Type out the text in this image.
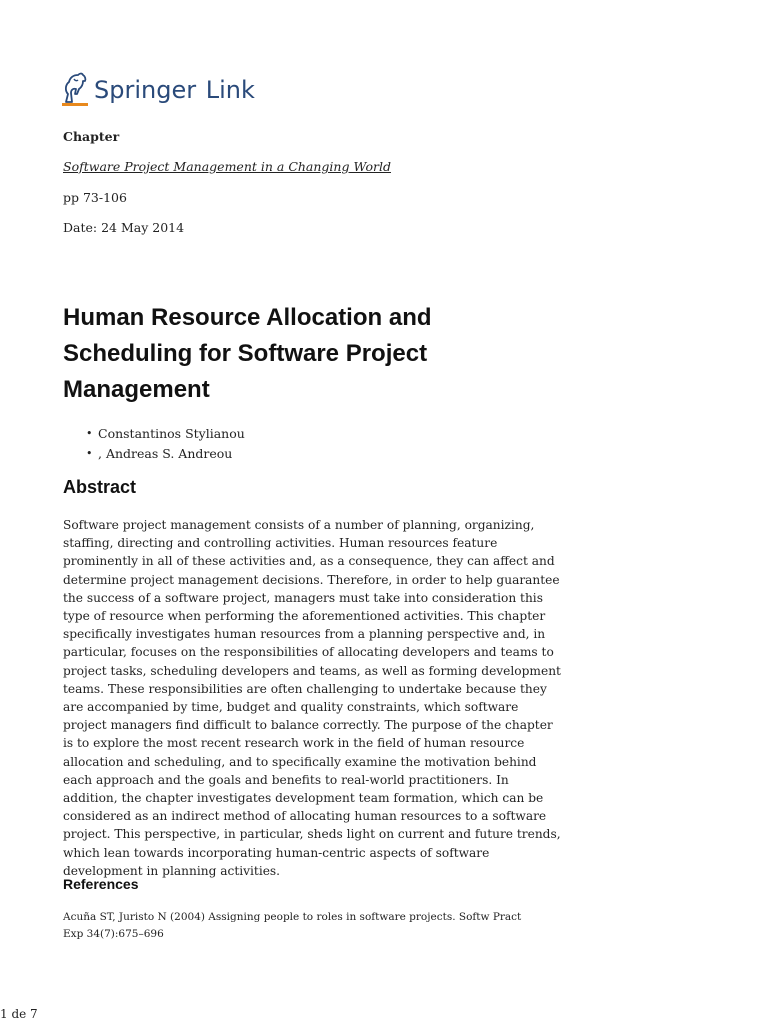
Springer Link
Chapter
Software Project Management in a Changing World
pp 73-106
Date: 24 May 2014
Human Resource Allocation and Scheduling for Software Project Management
• Constantinos Stylianou
• , Andreas S. Andreou
Abstract

Software project management consists of a number of planning, organizing, staffing, directing and controlling activities. Human resources feature prominently in all of these activities and, as a consequence, they can affect and determine project management decisions. Therefore, in order to help guarantee the success of a software project, managers must take into consideration this type of resource when performing the aforementioned activities. This chapter specifically investigates human resources from a planning perspective and, in particular, focuses on the responsibilities of allocating developers and teams to project tasks, scheduling developers and teams, as well as forming development teams. These responsibilities are often challenging to undertake because they are accompanied by time, budget and quality constraints, which software project managers find difficult to balance correctly. The purpose of the chapter is to explore the most recent research work in the field of human resource allocation and scheduling, and to specifically examine the motivation behind each approach and the goals and benefits to real-world practitioners. In addition, the chapter investigates development team formation, which can be considered as an indirect method of allocating human resources to a software project. This perspective, in particular, sheds light on current and future trends, which lean towards incorporating human-centric aspects of software development in planning activities.

References

Acuña ST, Juristo N (2004) Assigning people to roles in software projects. Softw Pract Exp 34(7):675–696

1 de 7
